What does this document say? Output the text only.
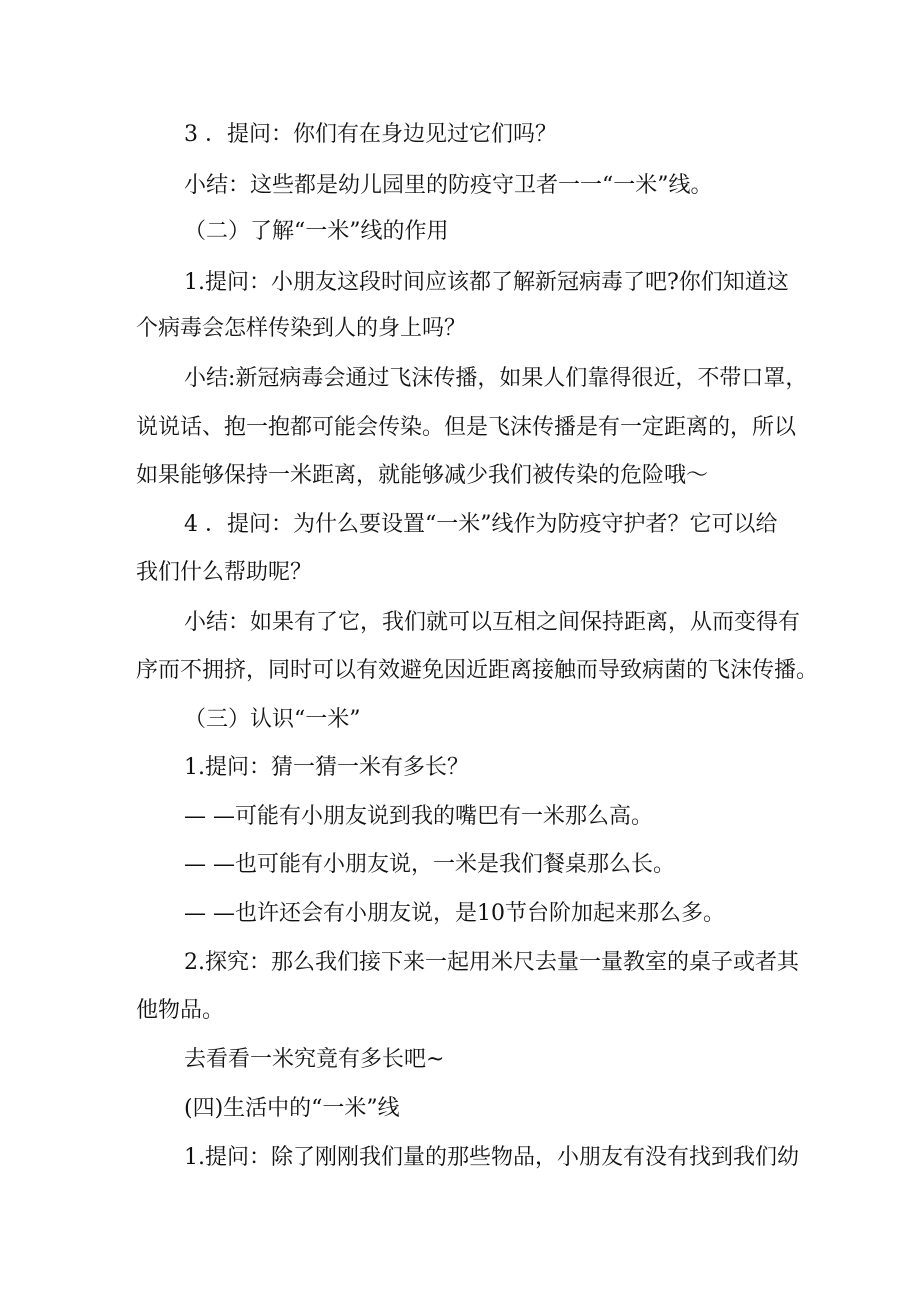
3 ．提问：你们有在身边见过它们吗？
小结：这些都是幼儿园里的防疫守卫者一一“一米”线。
（二）了解“一米”线的作用
1.提问：小朋友这段时间应该都了解新冠病毒了吧?你们知道这
个病毒会怎样传染到人的身上吗？
小结:新冠病毒会通过飞沫传播，如果人们靠得很近，不带口罩，
说说话、抱一抱都可能会传染。但是飞沫传播是有一定距离的，所以
如果能够保持一米距离，就能够减少我们被传染的危险哦〜
4 ．提问：为什么要设置“一米”线作为防疫守护者？它可以给
我们什么帮助呢？
小结：如果有了它，我们就可以互相之间保持距离，从而变得有
序而不拥挤，同时可以有效避免因近距离接触而导致病菌的飞沫传播。
（三）认识“一米”
1.提问：猜一猜一米有多长？
— —可能有小朋友说到我的嘴巴有一米那么高。
— —也可能有小朋友说，一米是我们餐桌那么长。
— —也许还会有小朋友说，是10节台阶加起来那么多。
2.探究：那么我们接下来一起用米尺去量一量教室的桌子或者其
他物品。
去看看一米究竟有多长吧~
(四)生活中的“一米”线
1.提问：除了刚刚我们量的那些物品，小朋友有没有找到我们幼
